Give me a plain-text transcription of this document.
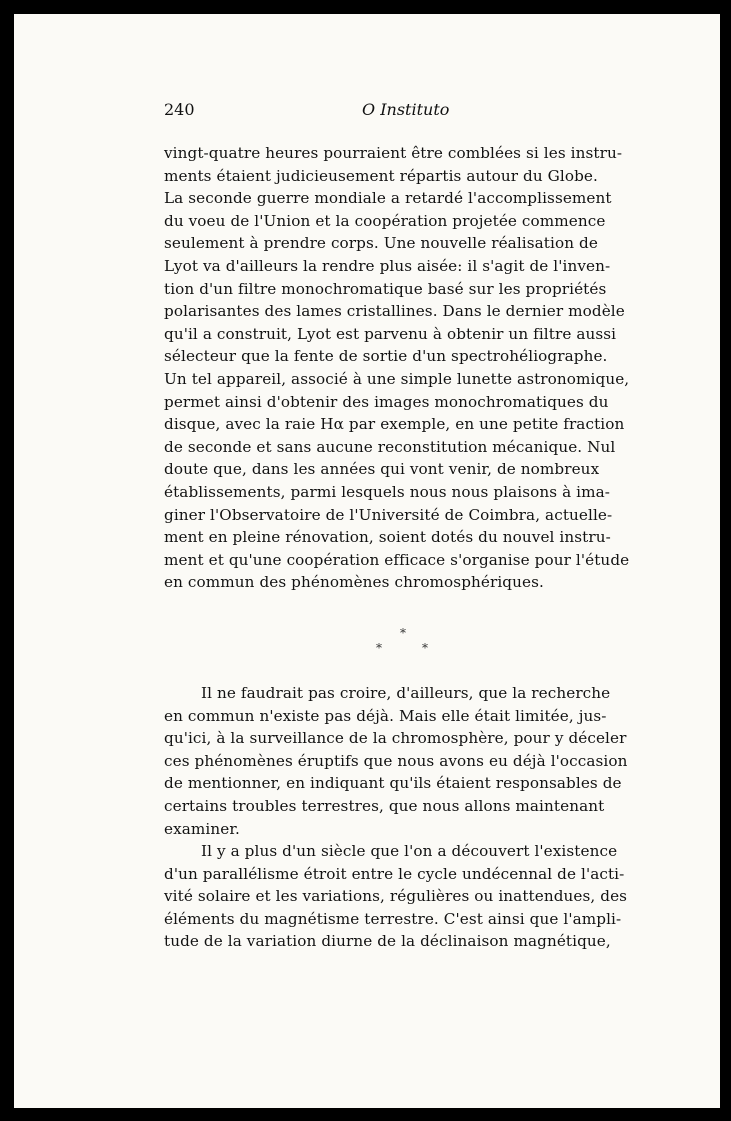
240	O Instituto
vingt-quatre heures pourraient être comblées si les instru-
ments étaient judicieusement répartis autour du Globe.
La seconde guerre mondiale a retardé l'accomplissement
du voeu de l'Union et la coopération projetée commence
seulement à prendre corps. Une nouvelle réalisation de
Lyot va d'ailleurs la rendre plus aisée: il s'agit de l'inven-
tion d'un filtre monochromatique basé sur les propriétés
polarisantes des lames cristallines. Dans le dernier modèle
qu'il a construit, Lyot est parvenu à obtenir un filtre aussi
sélecteur que la fente de sortie d'un spectrohéliographe.
Un tel appareil, associé à une simple lunette astronomique,
permet ainsi d'obtenir des images monochromatiques du
disque, avec la raie Hα par exemple, en une petite fraction
de seconde et sans aucune reconstitution mécanique. Nul
doute que, dans les années qui vont venir, de nombreux
établissements, parmi lesquels nous nous plaisons à ima-
giner l'Observatoire de l'Université de Coimbra, actuelle-
ment en pleine rénovation, soient dotés du nouvel instru-
ment et qu'une coopération efficace s'organise pour l'étude
en commun des phénomènes chromosphériques.
*
*	*
Il ne faudrait pas croire, d'ailleurs, que la recherche
en commun n'existe pas déjà. Mais elle était limitée, jus-
qu'ici, à la surveillance de la chromosphère, pour y déceler
ces phénomènes éruptifs que nous avons eu déjà l'occasion
de mentionner, en indiquant qu'ils étaient responsables de
certains troubles terrestres, que nous allons maintenant
examiner.
Il y a plus d'un siècle que l'on a découvert l'existence
d'un parallélisme étroit entre le cycle undécennal de l'acti-
vité solaire et les variations, régulières ou inattendues, des
éléments du magnétisme terrestre. C'est ainsi que l'ampli-
tude de la variation diurne de la déclinaison magnétique,
